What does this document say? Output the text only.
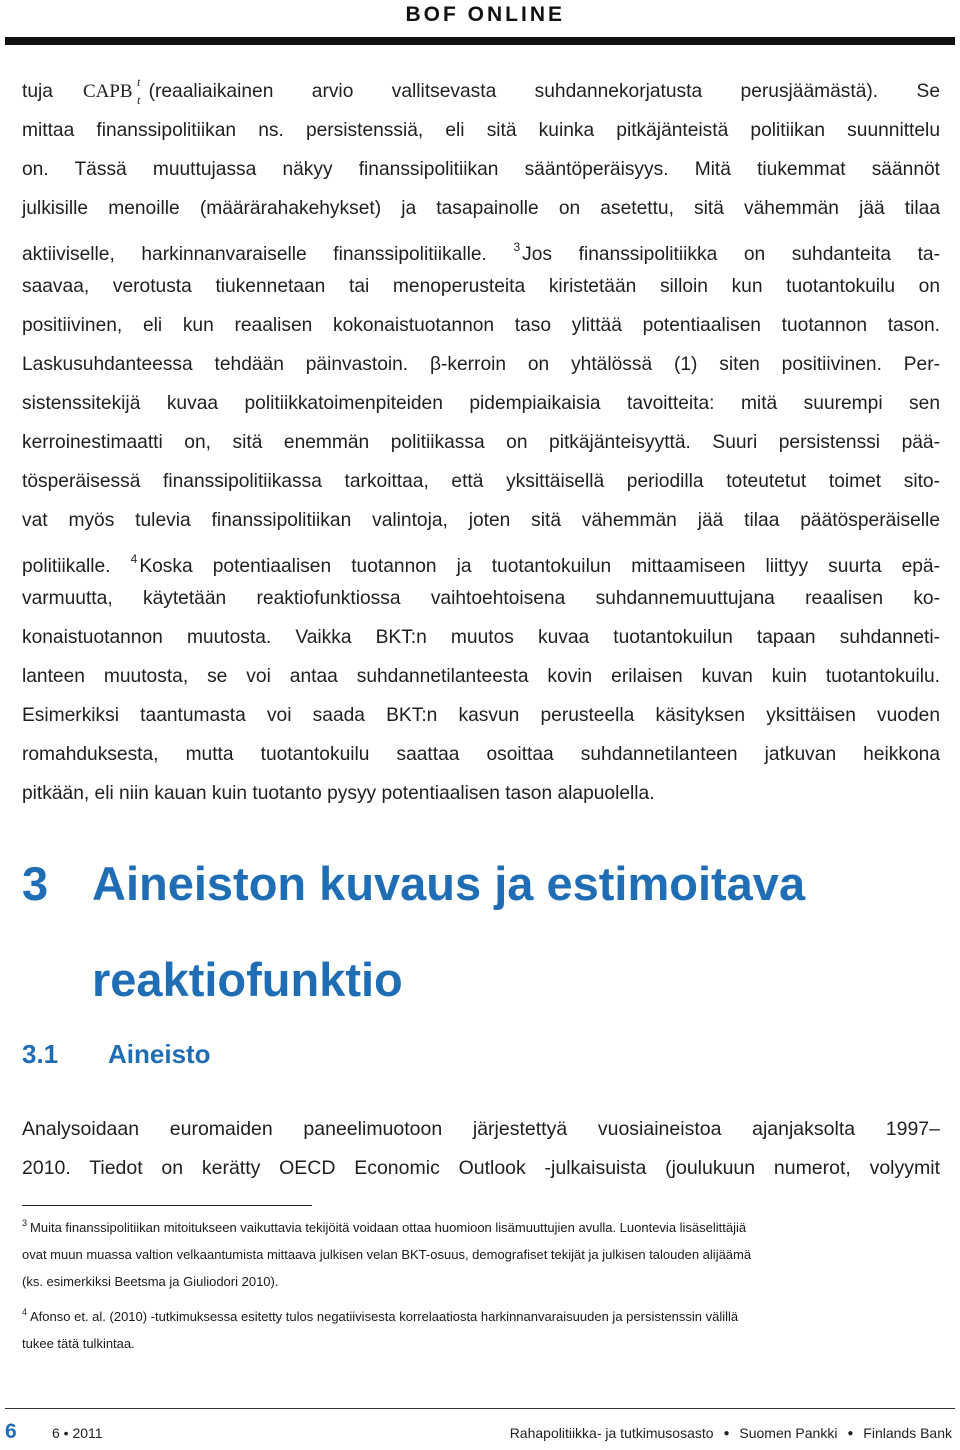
BOF ONLINE
tuja CAPB t
t (reaaliaikainen arvio vallitsevasta suhdannekorjatusta perusjäämästä). Se
mittaa finanssipolitiikan ns. persistenssiä, eli sitä kuinka pitkäjänteistä politiikan suunnittelu
on. Tässä muuttujassa näkyy finanssipolitiikan sääntöperäisyys. Mitä tiukemmat säännöt
julkisille menoille (määrärahakehykset) ja tasapainolle on asetettu, sitä vähemmän jää tilaa
aktiiviselle, harkinnanvaraiselle finanssipolitiikalle. $^3$ Jos finanssipolitiikka on suhdanteita ta-
saavaa, verotusta tiukennetaan tai menoperusteita kiristetään silloin kun tuotantokuilu on
positiivinen, eli kun reaalisen kokonaistuotannon taso ylittää potentiaalisen tuotannon tason.
Laskusuhdanteessa tehdään päinvastoin. β-kerroin on yhtälössä (1) siten positiivinen. Per-
sistenssitekijä kuvaa politiikkatoimenpiteiden pidempiaikaisia tavoitteita: mitä suurempi sen
kerroinestimaatti on, sitä enemmän politiikassa on pitkäjänteisyyttä. Suuri persistenssi pää-
tösperäisessä finanssipolitiikassa tarkoittaa, että yksittäisellä periodilla toteutetut toimet sito-
vat myös tulevia finanssipolitiikan valintoja, joten sitä vähemmän jää tilaa päätösperäiselle
politiikalle. $^4$ Koska potentiaalisen tuotannon ja tuotantokuilun mittaamiseen liittyy suurta epä-
varmuutta, käytetään reaktiofunktiossa vaihtoehtoisena suhdannemuuttujana reaalisen ko-
konaistuotannon muutosta. Vaikka BKT:n muutos kuvaa tuotantokuilun tapaan suhdanneti-
lanteen muutosta, se voi antaa suhdannetilanteesta kovin erilaisen kuvan kuin tuotantokuilu.
Esimerkiksi taantumasta voi saada BKT:n kasvun perusteella käsityksen yksittäisen vuoden
romahduksesta, mutta tuotantokuilu saattaa osoittaa suhdannetilanteen jatkuvan heikkona
pitkään, eli niin kauan kuin tuotanto pysyy potentiaalisen tason alapuolella.
3 Aineiston kuvaus ja estimoitava
reaktiofunktio
3.1 Aineisto
Analysoidaan euromaiden paneelimuotoon järjestettyä vuosiaineistoa ajanjaksolta 1997–
2010. Tiedot on kerätty OECD Economic Outlook -julkaisuista (joulukuun numerot, volyymit
$^3$ Muita finanssipolitiikan mitoitukseen vaikuttavia tekijöitä voidaan ottaa huomioon lisämuuttujien avulla. Luontevia lisäselittäjiä
ovat muun muassa valtion velkaantumista mittaava julkisen velan BKT-osuus, demografiset tekijät ja julkisen talouden alijäämä
(ks. esimerkiksi Beetsma ja Giuliodori 2010).
$^4$ Afonso et. al. (2010) -tutkimuksessa esitetty tulos negatiivisesta korrelaatiosta harkinnanvaraisuuden ja persistenssin välillä
tukee tätä tulkintaa.
6	6 • 2011	Rahapolitiikka- ja tutkimusosasto ● Suomen Pankki ● Finlands Bank
